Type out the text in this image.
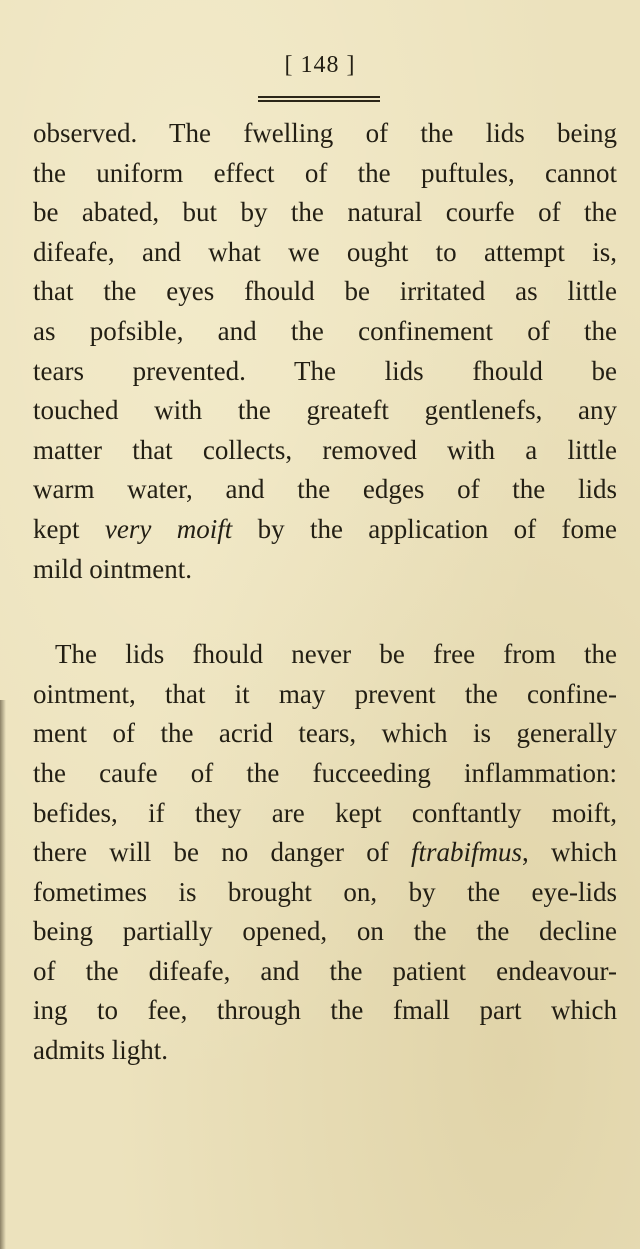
[ 148 ]
observed. The fwelling of the lids being
the uniform effect of the puftules, cannot
be abated, but by the natural courfe of the
difeafe, and what we ought to attempt is,
that the eyes fhould be irritated as little
as pofsible, and the confinement of the
tears prevented. The lids fhould be
touched with the greateft gentlenefs, any
matter that collects, removed with a little
warm water, and the edges of the lids
kept very moift by the application of fome
mild ointment.
The lids fhould never be free from the
ointment, that it may prevent the confine-
ment of the acrid tears, which is generally
the caufe of the fucceeding inflammation:
befides, if they are kept conftantly moift,
there will be no danger of ftrabifmus, which
fometimes is brought on, by the eye-lids
being partially opened, on the the decline
of the difeafe, and the patient endeavour-
ing to fee, through the fmall part which
admits light.
